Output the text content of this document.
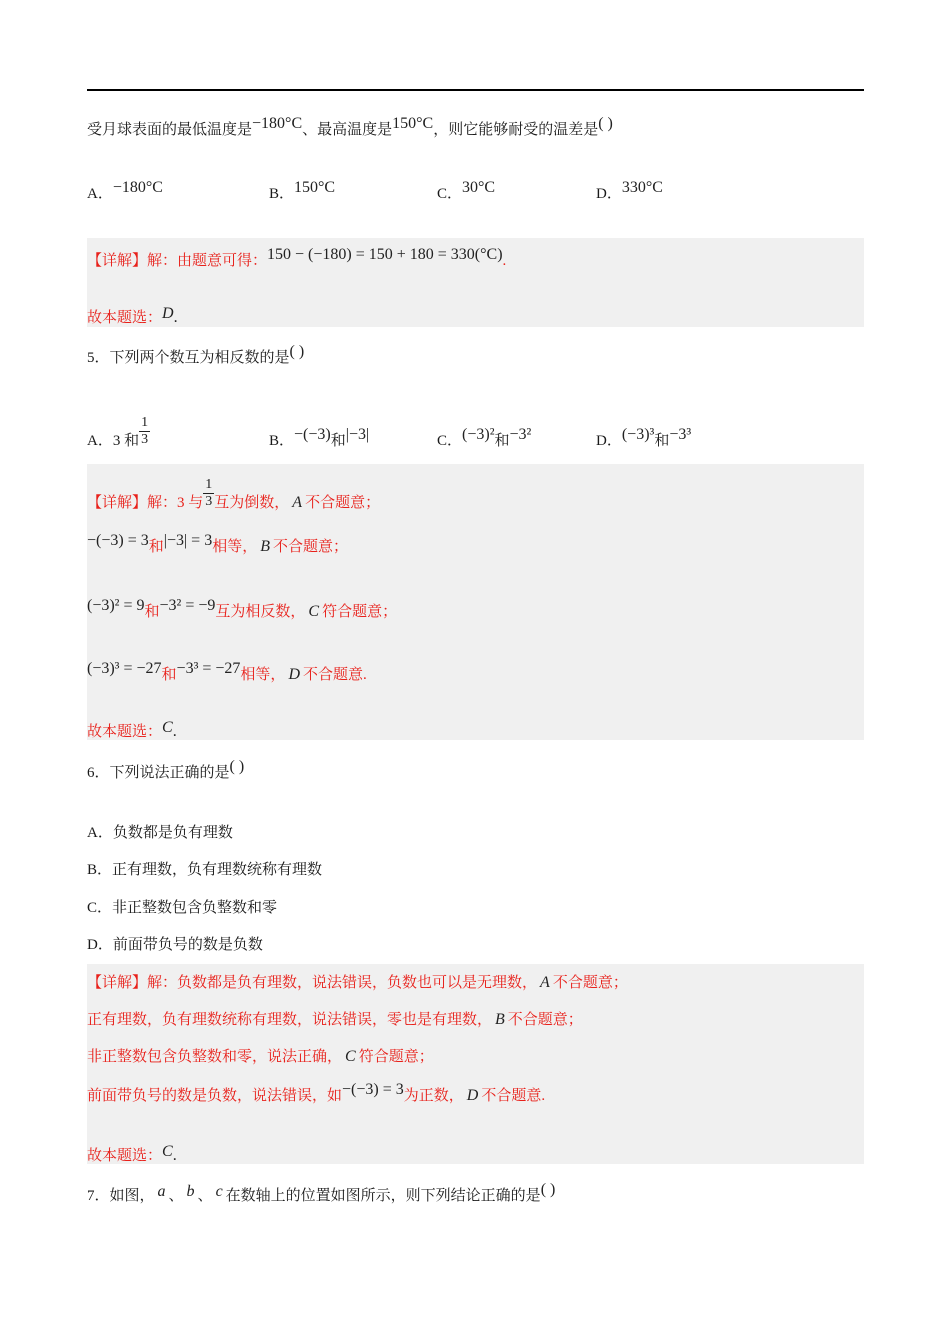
受月球表面的最低温度是−180°C、最高温度是150°C，则它能够耐受的温差是( )
A．−180°C	B．150°C	C．30°C	D．330°C
【详解】解：由题意可得：150 − (−180) = 150 + 180 = 330(°C).
故本题选：D.
5．下列两个数互为相反数的是( )
A．3 和 $\frac{1}{3}$	B．−(−3)和|−3|	C．(−3)²和−3²	D．(−3)³和−3³
【详解】解：3 与 $\frac{1}{3}$ 互为倒数， A 不合题意；
−(−3) = 3和|−3| = 3相等， B 不合题意；
(−3)² = 9和−3² = −9互为相反数， C 符合题意；
(−3)³ = −27和−3³ = −27相等， D 不合题意.
故本题选：C.
6．下列说法正确的是( )
A．负数都是负有理数
B．正有理数，负有理数统称有理数
C．非正整数包含负整数和零
D．前面带负号的数是负数
【详解】解：负数都是负有理数，说法错误，负数也可以是无理数， A 不合题意；
正有理数，负有理数统称有理数，说法错误，零也是有理数， B 不合题意；
非正整数包含负整数和零，说法正确， C 符合题意；
前面带负号的数是负数，说法错误，如−(−3) = 3为正数， D 不合题意.
故本题选：C.
7．如图， a 、 b 、 c 在数轴上的位置如图所示，则下列结论正确的是( )
